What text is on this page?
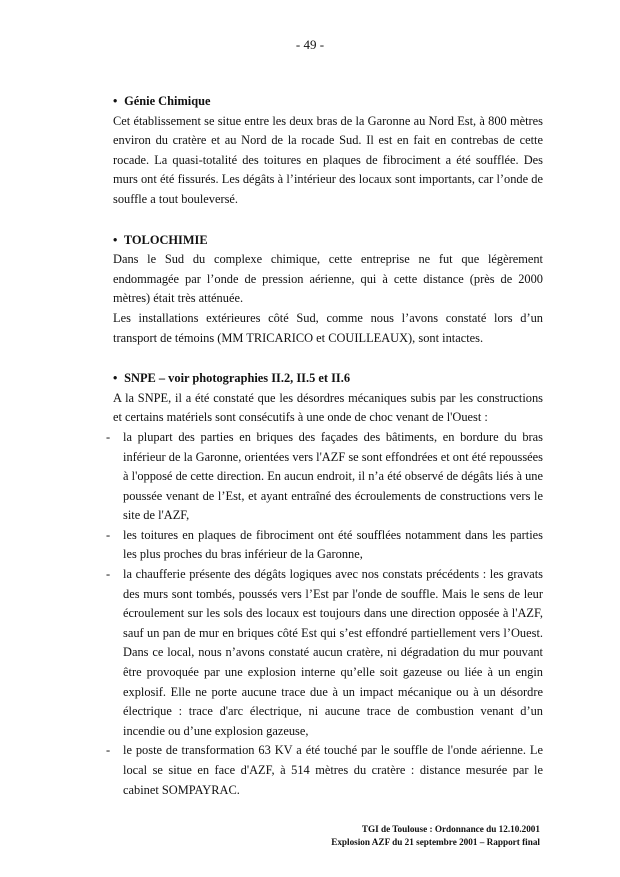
- 49 -
• Génie Chimique

Cet établissement se situe entre les deux bras de la Garonne au Nord Est, à 800 mètres environ du cratère et au Nord de la rocade Sud. Il est en fait en contrebas de cette rocade. La quasi-totalité des toitures en plaques de fibrociment a été soufflée. Des murs ont été fissurés. Les dégâts à l’intérieur des locaux sont importants, car l’onde de souffle a tout bouleversé.

• TOLOCHIMIE

Dans le Sud du complexe chimique, cette entreprise ne fut que légèrement endommagée par l’onde de pression aérienne, qui à cette distance (près de 2000 mètres) était très atténuée.

Les installations extérieures côté Sud, comme nous l’avons constaté lors d’un transport de témoins (MM TRICARICO et COUILLEAUX), sont intactes.

• SNPE – voir photographies II.2, II.5 et II.6

A la SNPE, il a été constaté que les désordres mécaniques subis par les constructions et certains matériels sont consécutifs à une onde de choc venant de l'Ouest :

- la plupart des parties en briques des façades des bâtiments, en bordure du bras inférieur de la Garonne, orientées vers l'AZF se sont effondrées et ont été repoussées à l'opposé de cette direction. En aucun endroit, il n’a été observé de dégâts liés à une poussée venant de l’Est, et ayant entraîné des écroulements de constructions vers le site de l'AZF,
- les toitures en plaques de fibrociment ont été soufflées notamment dans les parties les plus proches du bras inférieur de la Garonne,
- la chaufferie présente des dégâts logiques avec nos constats précédents : les gravats des murs sont tombés, poussés vers l’Est par l'onde de souffle. Mais le sens de leur écroulement sur les sols des locaux est toujours dans une direction opposée à l'AZF, sauf un pan de mur en briques côté Est qui s’est effondré partiellement vers l’Ouest. Dans ce local, nous n’avons constaté aucun cratère, ni dégradation du mur pouvant être provoquée par une explosion interne qu’elle soit gazeuse ou liée à un engin explosif. Elle ne porte aucune trace due à un impact mécanique ou à un désordre électrique : trace d'arc électrique, ni aucune trace de combustion venant d’un incendie ou d’une explosion gazeuse,
- le poste de transformation 63 KV a été touché par le souffle de l'onde aérienne. Le local se situe en face d'AZF, à 514 mètres du cratère : distance mesurée par le cabinet SOMPAYRAC.
TGI de Toulouse : Ordonnance du 12.10.2001
Explosion AZF du 21 septembre 2001 – Rapport final
